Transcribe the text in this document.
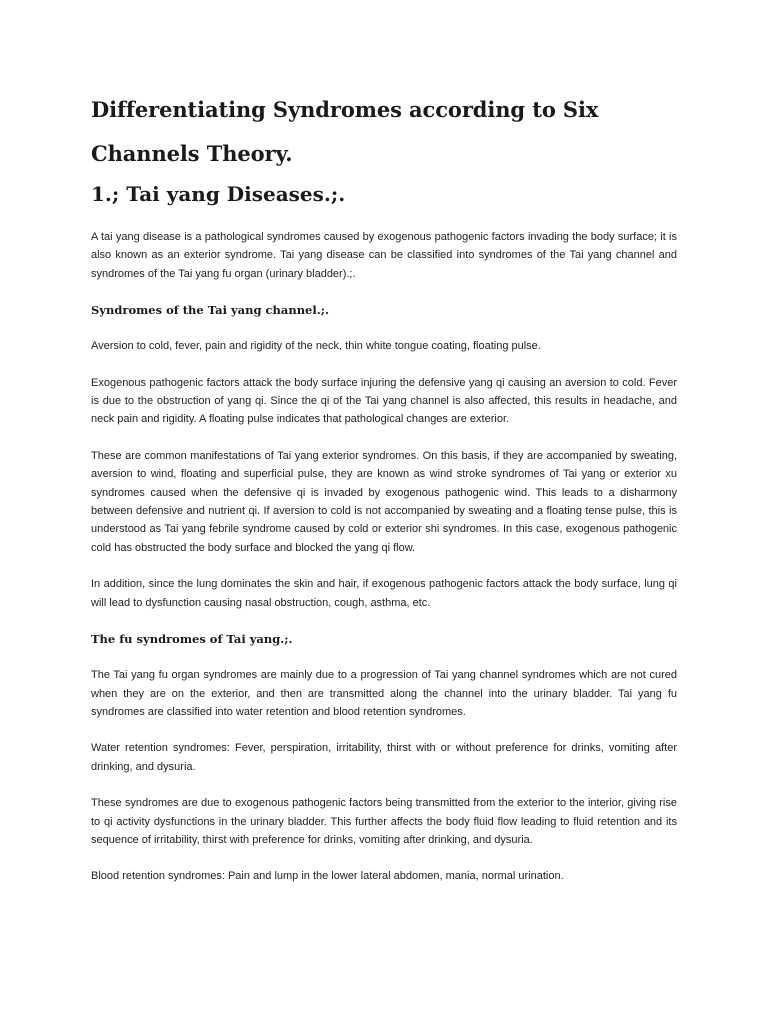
Differentiating Syndromes according to Six Channels Theory.
1.; Tai yang Diseases.;.

A tai yang disease is a pathological syndromes caused by exogenous pathogenic factors invading the body surface; it is also known as an exterior syndrome. Tai yang disease can be classified into syndromes of the Tai yang channel and syndromes of the Tai yang fu organ (urinary bladder).;.

Syndromes of the Tai yang channel.;.

Aversion to cold, fever, pain and rigidity of the neck, thin white tongue coating, floating pulse.

Exogenous pathogenic factors attack the body surface injuring the defensive yang qi causing an aversion to cold. Fever is due to the obstruction of yang qi. Since the qi of the Tai yang channel is also affected, this results in headache, and neck pain and rigidity. A floating pulse indicates that pathological changes are exterior.

These are common manifestations of Tai yang exterior syndromes. On this basis, if they are accompanied by sweating, aversion to wind, floating and superficial pulse, they are known as wind stroke syndromes of Tai yang or exterior xu syndromes caused when the defensive qi is invaded by exogenous pathogenic wind. This leads to a disharmony between defensive and nutrient qi. If aversion to cold is not accompanied by sweating and a floating tense pulse, this is understood as Tai yang febrile syndrome caused by cold or exterior shi syndromes. In this case, exogenous pathogenic cold has obstructed the body surface and blocked the yang qi flow.

In addition, since the lung dominates the skin and hair, if exogenous pathogenic factors attack the body surface, lung qi will lead to dysfunction causing nasal obstruction, cough, asthma, etc.

The fu syndromes of Tai yang.;.

The Tai yang fu organ syndromes are mainly due to a progression of Tai yang channel syndromes which are not cured when they are on the exterior, and then are transmitted along the channel into the urinary bladder. Tai yang fu syndromes are classified into water retention and blood retention syndromes.

Water retention syndromes: Fever, perspiration, irritability, thirst with or without preference for drinks, vomiting after drinking, and dysuria.

These syndromes are due to exogenous pathogenic factors being transmitted from the exterior to the interior, giving rise to qi activity dysfunctions in the urinary bladder. This further affects the body fluid flow leading to fluid retention and its sequence of irritability, thirst with preference for drinks, vomiting after drinking, and dysuria.

Blood retention syndromes: Pain and lump in the lower lateral abdomen, mania, normal urination.
